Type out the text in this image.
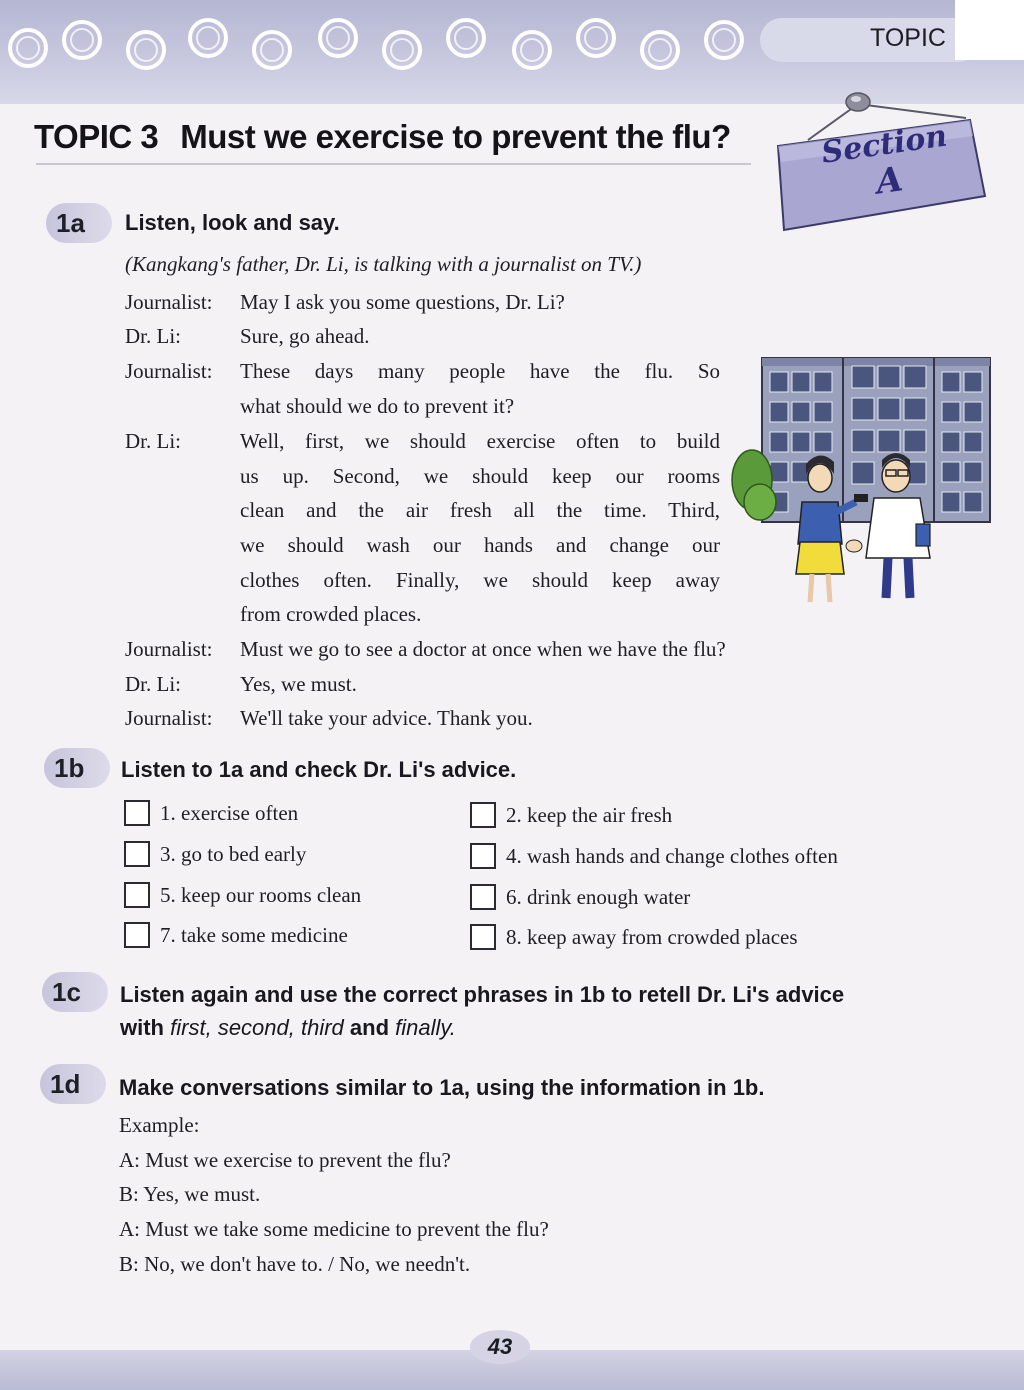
TOPIC
TOPIC 3 Must we exercise to prevent the flu?	Section
A
1a	Listen, look and say.
(Kangkang's father, Dr. Li, is talking with a journalist on TV.)
Journalist: May I ask you some questions, Dr. Li?
Dr. Li:	Sure, go ahead.
Journalist: These days many people have the flu. So
what should we do to prevent it?
Dr. Li:	Well, first, we should exercise often to build
us up. Second, we should keep our rooms
clean and the air fresh all the time. Third,
we should wash our hands and change our
clothes often. Finally, we should keep away
from crowded places.
Journalist: Must we go to see a doctor at once when we have the flu?
Dr. Li:	Yes, we must.
Journalist: We'll take your advice. Thank you.
1b	Listen to 1a and check Dr. Li's advice.
1. exercise often	2. keep the air fresh
3. go to bed early	4. wash hands and change clothes often
5. keep our rooms clean	6. drink enough water
7. take some medicine	8. keep away from crowded places
1c	Listen again and use the correct phrases in 1b to retell Dr. Li's advice
with first, second, third and finally.
1d	Make conversations similar to 1a, using the information in 1b.
Example:
A: Must we exercise to prevent the flu?
B: Yes, we must.
A: Must we take some medicine to prevent the flu?
B: No, we don't have to. / No, we needn't.
43
